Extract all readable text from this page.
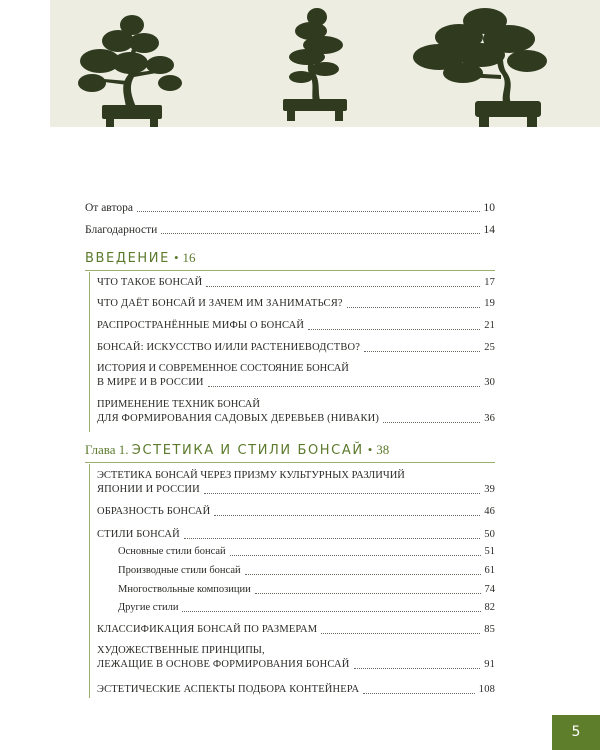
От автора	10
Благодарности	14
ВВЕДЕНИЕ • 16
ЧТО ТАКОЕ БОНСАЙ	17
ЧТО ДАЁТ БОНСАЙ И ЗАЧЕМ ИМ ЗАНИМАТЬСЯ?	19
РАСПРОСТРАНЁННЫЕ МИФЫ О БОНСАЙ	21
БОНСАЙ: ИСКУССТВО И/ИЛИ РАСТЕНИЕВОДСТВО?	25
ИСТОРИЯ И СОВРЕМЕННОЕ СОСТОЯНИЕ БОНСАЙ
В МИРЕ И В РОССИИ	30
ПРИМЕНЕНИЕ ТЕХНИК БОНСАЙ
ДЛЯ ФОРМИРОВАНИЯ САДОВЫХ ДЕРЕВЬЕВ (НИВАКИ)	36
Глава 1. ЭСТЕТИКА И СТИЛИ БОНСАЙ • 38
ЭСТЕТИКА БОНСАЙ ЧЕРЕЗ ПРИЗМУ КУЛЬТУРНЫХ РАЗЛИЧИЙ
ЯПОНИИ И РОССИИ	39
ОБРАЗНОСТЬ БОНСАЙ	46
СТИЛИ БОНСАЙ	50
Основные стили бонсай	51
Производные стили бонсай	61
Многоствольные композиции	74
Другие стили	82
КЛАССИФИКАЦИЯ БОНСАЙ ПО РАЗМЕРАМ	85
ХУДОЖЕСТВЕННЫЕ ПРИНЦИПЫ,
ЛЕЖАЩИЕ В ОСНОВЕ ФОРМИРОВАНИЯ БОНСАЙ	91
ЭСТЕТИЧЕСКИЕ АСПЕКТЫ ПОДБОРА КОНТЕЙНЕРА	108
5
